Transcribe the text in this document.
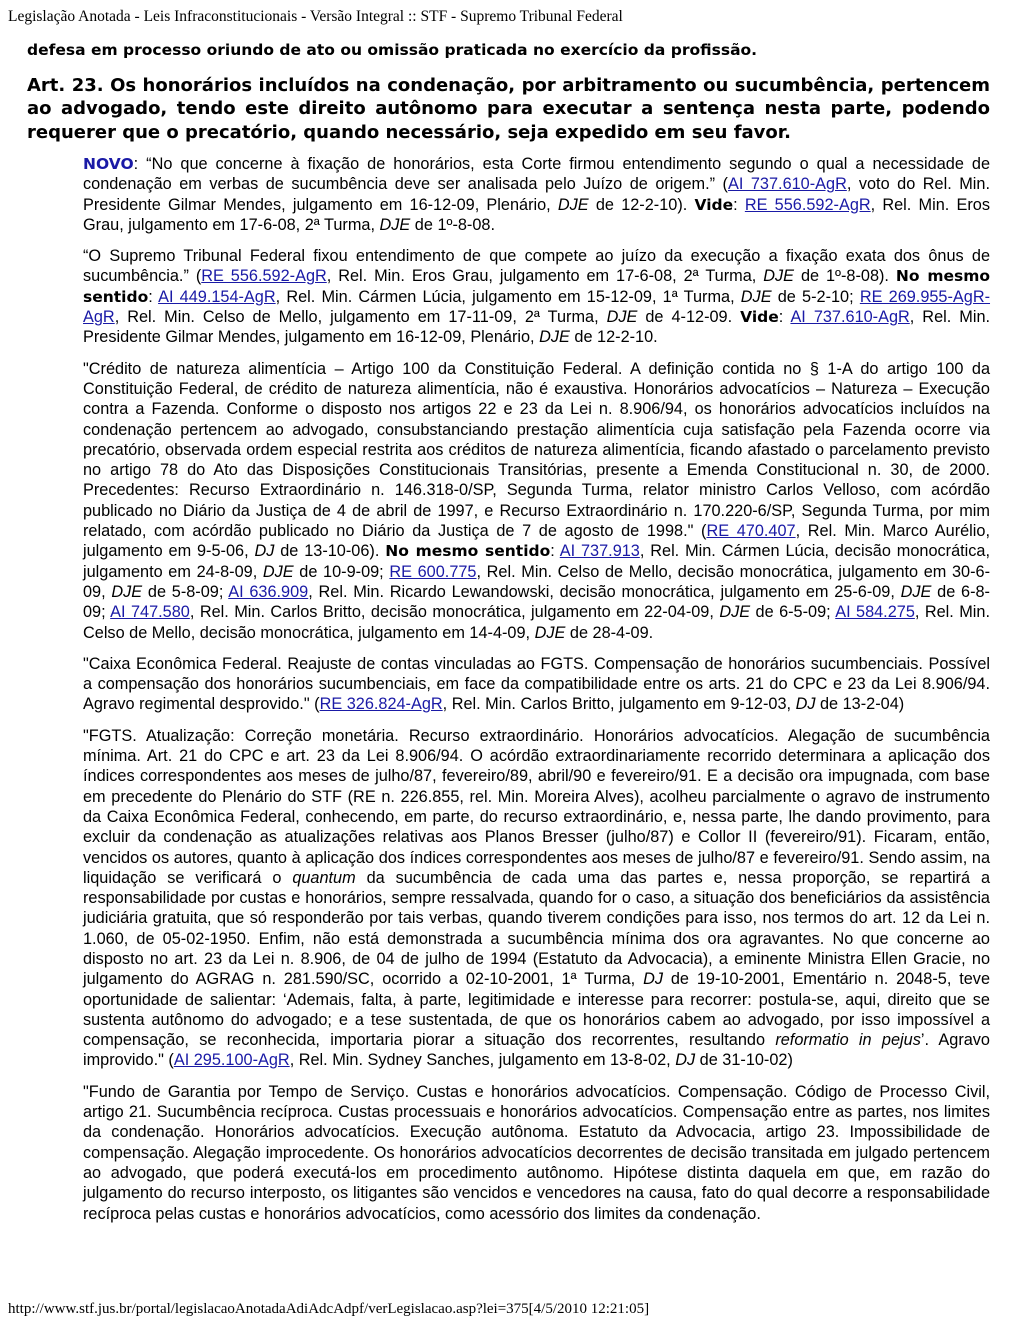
Legislação Anotada - Leis Infraconstitucionais - Versão Integral :: STF - Supremo Tribunal Federal
defesa em processo oriundo de ato ou omissão praticada no exercício da profissão.
Art. 23. Os honorários incluídos na condenação, por arbitramento ou sucumbência, pertencem ao advogado, tendo este direito autônomo para executar a sentença nesta parte, podendo requerer que o precatório, quando necessário, seja expedido em seu favor.

NOVO: “No que concerne à fixação de honorários, esta Corte firmou entendimento segundo o qual a necessidade de condenação em verbas de sucumbência deve ser analisada pelo Juízo de origem.” (AI 737.610-AgR, voto do Rel. Min. Presidente Gilmar Mendes, julgamento em 16-12-09, Plenário, DJE de 12-2-10). Vide: RE 556.592-AgR, Rel. Min. Eros Grau, julgamento em 17-6-08, 2ª Turma, DJE de 1º-8-08.

“O Supremo Tribunal Federal fixou entendimento de que compete ao juízo da execução a fixação exata dos ônus de sucumbência.” (RE 556.592-AgR, Rel. Min. Eros Grau, julgamento em 17-6-08, 2ª Turma, DJE de 1º-8-08). No mesmo sentido: AI 449.154-AgR, Rel. Min. Cármen Lúcia, julgamento em 15-12-09, 1ª Turma, DJE de 5-2-10; RE 269.955-AgR-AgR, Rel. Min. Celso de Mello, julgamento em 17-11-09, 2ª Turma, DJE de 4-12-09. Vide: AI 737.610-AgR, Rel. Min. Presidente Gilmar Mendes, julgamento em 16-12-09, Plenário, DJE de 12-2-10.

"Crédito de natureza alimentícia – Artigo 100 da Constituição Federal. A definição contida no § 1-A do artigo 100 da Constituição Federal, de crédito de natureza alimentícia, não é exaustiva. Honorários advocatícios – Natureza – Execução contra a Fazenda. Conforme o disposto nos artigos 22 e 23 da Lei n. 8.906/94, os honorários advocatícios incluídos na condenação pertencem ao advogado, consubstanciando prestação alimentícia cuja satisfação pela Fazenda ocorre via precatório, observada ordem especial restrita aos créditos de natureza alimentícia, ficando afastado o parcelamento previsto no artigo 78 do Ato das Disposições Constitucionais Transitórias, presente a Emenda Constitucional n. 30, de 2000. Precedentes: Recurso Extraordinário n. 146.318-0/SP, Segunda Turma, relator ministro Carlos Velloso, com acórdão publicado no Diário da Justiça de 4 de abril de 1997, e Recurso Extraordinário n. 170.220-6/SP, Segunda Turma, por mim relatado, com acórdão publicado no Diário da Justiça de 7 de agosto de 1998." (RE 470.407, Rel. Min. Marco Aurélio, julgamento em 9-5-06, DJ de 13-10-06). No mesmo sentido: AI 737.913, Rel. Min. Cármen Lúcia, decisão monocrática, julgamento em 24-8-09, DJE de 10-9-09; RE 600.775, Rel. Min. Celso de Mello, decisão monocrática, julgamento em 30-6-09, DJE de 5-8-09; AI 636.909, Rel. Min. Ricardo Lewandowski, decisão monocrática, julgamento em 25-6-09, DJE de 6-8-09; AI 747.580, Rel. Min. Carlos Britto, decisão monocrática, julgamento em 22-04-09, DJE de 6-5-09; AI 584.275, Rel. Min. Celso de Mello, decisão monocrática, julgamento em 14-4-09, DJE de 28-4-09.

"Caixa Econômica Federal. Reajuste de contas vinculadas ao FGTS. Compensação de honorários sucumbenciais. Possível a compensação dos honorários sucumbenciais, em face da compatibilidade entre os arts. 21 do CPC e 23 da Lei 8.906/94. Agravo regimental desprovido." (RE 326.824-AgR, Rel. Min. Carlos Britto, julgamento em 9-12-03, DJ de 13-2-04)

"FGTS. Atualização: Correção monetária. Recurso extraordinário. Honorários advocatícios. Alegação de sucumbência mínima. Art. 21 do CPC e art. 23 da Lei 8.906/94. O acórdão extraordinariamente recorrido determinara a aplicação dos índices correspondentes aos meses de julho/87, fevereiro/89, abril/90 e fevereiro/91. E a decisão ora impugnada, com base em precedente do Plenário do STF (RE n. 226.855, rel. Min. Moreira Alves), acolheu parcialmente o agravo de instrumento da Caixa Econômica Federal, conhecendo, em parte, do recurso extraordinário, e, nessa parte, lhe dando provimento, para excluir da condenação as atualizações relativas aos Planos Bresser (julho/87) e Collor II (fevereiro/91). Ficaram, então, vencidos os autores, quanto à aplicação dos índices correspondentes aos meses de julho/87 e fevereiro/91. Sendo assim, na liquidação se verificará o quantum da sucumbência de cada uma das partes e, nessa proporção, se repartirá a responsabilidade por custas e honorários, sempre ressalvada, quando for o caso, a situação dos beneficiários da assistência judiciária gratuita, que só responderão por tais verbas, quando tiverem condições para isso, nos termos do art. 12 da Lei n. 1.060, de 05-02-1950. Enfim, não está demonstrada a sucumbência mínima dos ora agravantes. No que concerne ao disposto no art. 23 da Lei n. 8.906, de 04 de julho de 1994 (Estatuto da Advocacia), a eminente Ministra Ellen Gracie, no julgamento do AGRAG n. 281.590/SC, ocorrido a 02-10-2001, 1ª Turma, DJ de 19-10-2001, Ementário n. 2048-5, teve oportunidade de salientar: ‘Ademais, falta, à parte, legitimidade e interesse para recorrer: postula-se, aqui, direito que se sustenta autônomo do advogado; e a tese sustentada, de que os honorários cabem ao advogado, por isso impossível a compensação, se reconhecida, importaria piorar a situação dos recorrentes, resultando reformatio in pejus’. Agravo improvido." (AI 295.100-AgR, Rel. Min. Sydney Sanches, julgamento em 13-8-02, DJ de 31-10-02)

"Fundo de Garantia por Tempo de Serviço. Custas e honorários advocatícios. Compensação. Código de Processo Civil, artigo 21. Sucumbência recíproca. Custas processuais e honorários advocatícios. Compensação entre as partes, nos limites da condenação. Honorários advocatícios. Execução autônoma. Estatuto da Advocacia, artigo 23. Impossibilidade de compensação. Alegação improcedente. Os honorários advocatícios decorrentes de decisão transitada em julgado pertencem ao advogado, que poderá executá-los em procedimento autônomo. Hipótese distinta daquela em que, em razão do julgamento do recurso interposto, os litigantes são vencidos e vencedores na causa, fato do qual decorre a responsabilidade recíproca pelas custas e honorários advocatícios, como acessório dos limites da condenação.

http://www.stf.jus.br/portal/legislacaoAnotadaAdiAdcAdpf/verLegislacao.asp?lei=375[4/5/2010 12:21:05]
